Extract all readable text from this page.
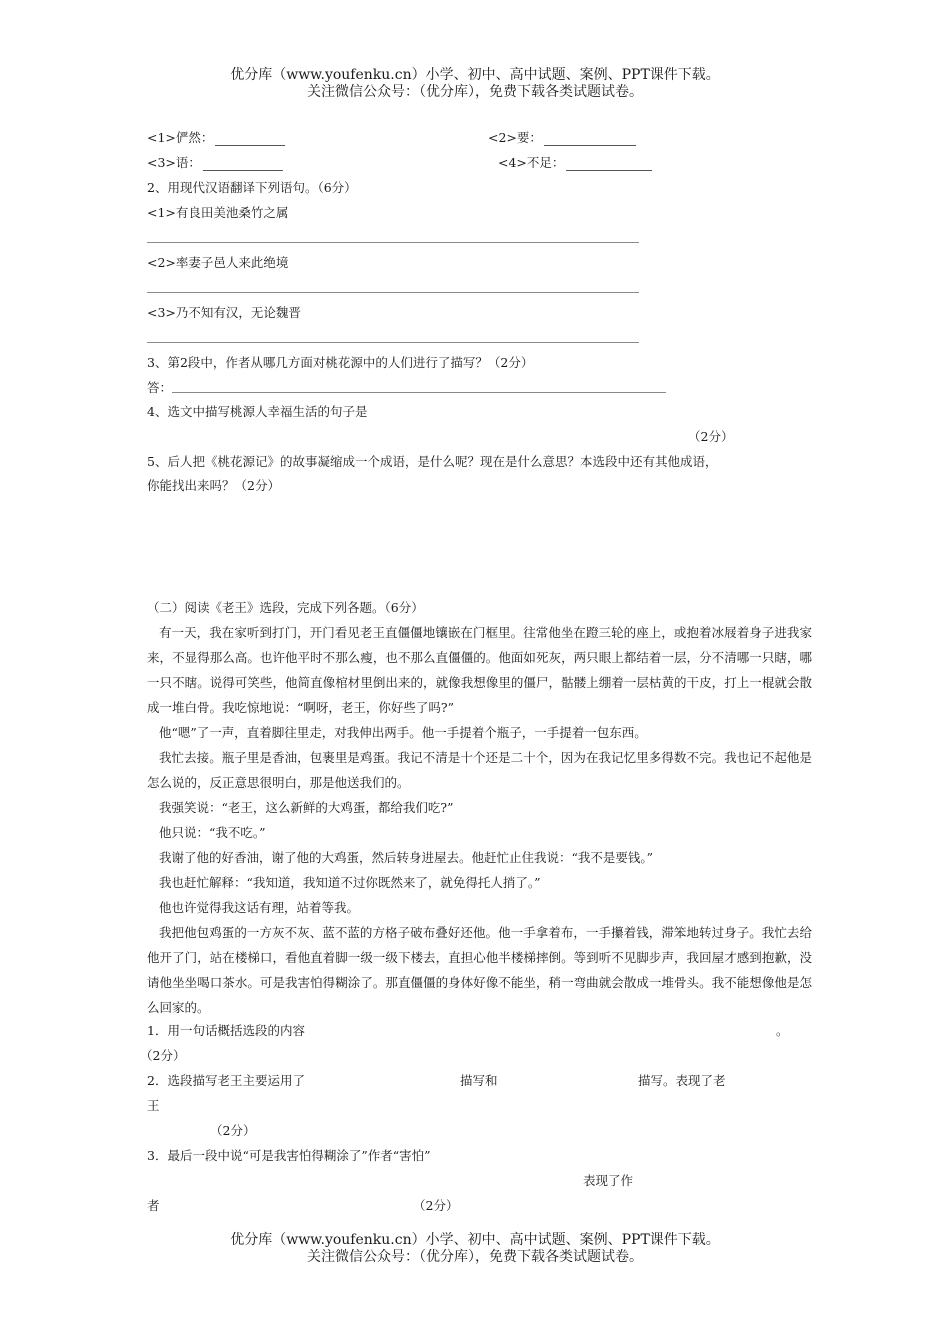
优分库（www.youfenku.cn）小学、初中、高中试题、案例、PPT课件下载。
关注微信公众号：（优分库），免费下载各类试题试卷。
<1>俨然：	<2>要：
<3>语：	<4>不足：
2、用现代汉语翻译下列语句。（6分）
<1>有良田美池桑竹之属
<2>率妻子邑人来此绝境
<3>乃不知有汉，无论魏晋
3、第2段中，作者从哪几方面对桃花源中的人们进行了描写？（2分）
答：
4、选文中描写桃源人幸福生活的句子是
（2分）
5、后人把《桃花源记》的故事凝缩成一个成语，是什么呢？现在是什么意思？本选段中还有其他成语，
你能找出来吗？（2分）
（二）阅读《老王》选段，完成下列各题。（6分）
有一天，我在家听到打门，开门看见老王直僵僵地镶嵌在门框里。往常他坐在蹬三轮的座上，或抱着冰屐着身子进我家来，不显得那么高。也许他平时不那么瘦，也不那么直僵僵的。他面如死灰，两只眼上都结着一层，分不清哪一只瞎，哪一只不瞎。说得可笑些，他简直像棺材里倒出来的，就像我想像里的僵尸，骷髅上绷着一层枯黄的干皮，打上一棍就会散成一堆白骨。我吃惊地说：“啊呀，老王，你好些了吗?”
他“嗯”了一声，直着脚往里走，对我伸出两手。他一手提着个瓶子，一手提着一包东西。
我忙去接。瓶子里是香油，包裹里是鸡蛋。我记不清是十个还是二十个，因为在我记忆里多得数不完。我也记不起他是怎么说的，反正意思很明白，那是他送我们的。
我强笑说：“老王，这么新鲜的大鸡蛋，都给我们吃?”
他只说：“我不吃。”
我谢了他的好香油，谢了他的大鸡蛋，然后转身进屋去。他赶忙止住我说：“我不是要钱。”
我也赶忙解释：“我知道，我知道不过你既然来了，就免得托人捎了。”
他也许觉得我这话有理，站着等我。
我把他包鸡蛋的一方灰不灰、蓝不蓝的方格子破布叠好还他。他一手拿着布，一手攥着钱，滞笨地转过身子。我忙去给他开了门，站在楼梯口，看他直着脚一级一级下楼去，直担心他半楼梯摔倒。等到听不见脚步声，我回屋才感到抱歉，没请他坐坐喝口茶水。可是我害怕得糊涂了。那直僵僵的身体好像不能坐，稍一弯曲就会散成一堆骨头。我不能想像他是怎么回家的。
1．用一句话概括选段的内容	。
（2分）
2．选段描写老王主要运用了	描写和	描写。表现了老
王
（2分）
3．最后一段中说“可是我害怕得糊涂了”作者“害怕”
表现了作
者	（2分）
优分库（www.youfenku.cn）小学、初中、高中试题、案例、PPT课件下载。
关注微信公众号：（优分库），免费下载各类试题试卷。
